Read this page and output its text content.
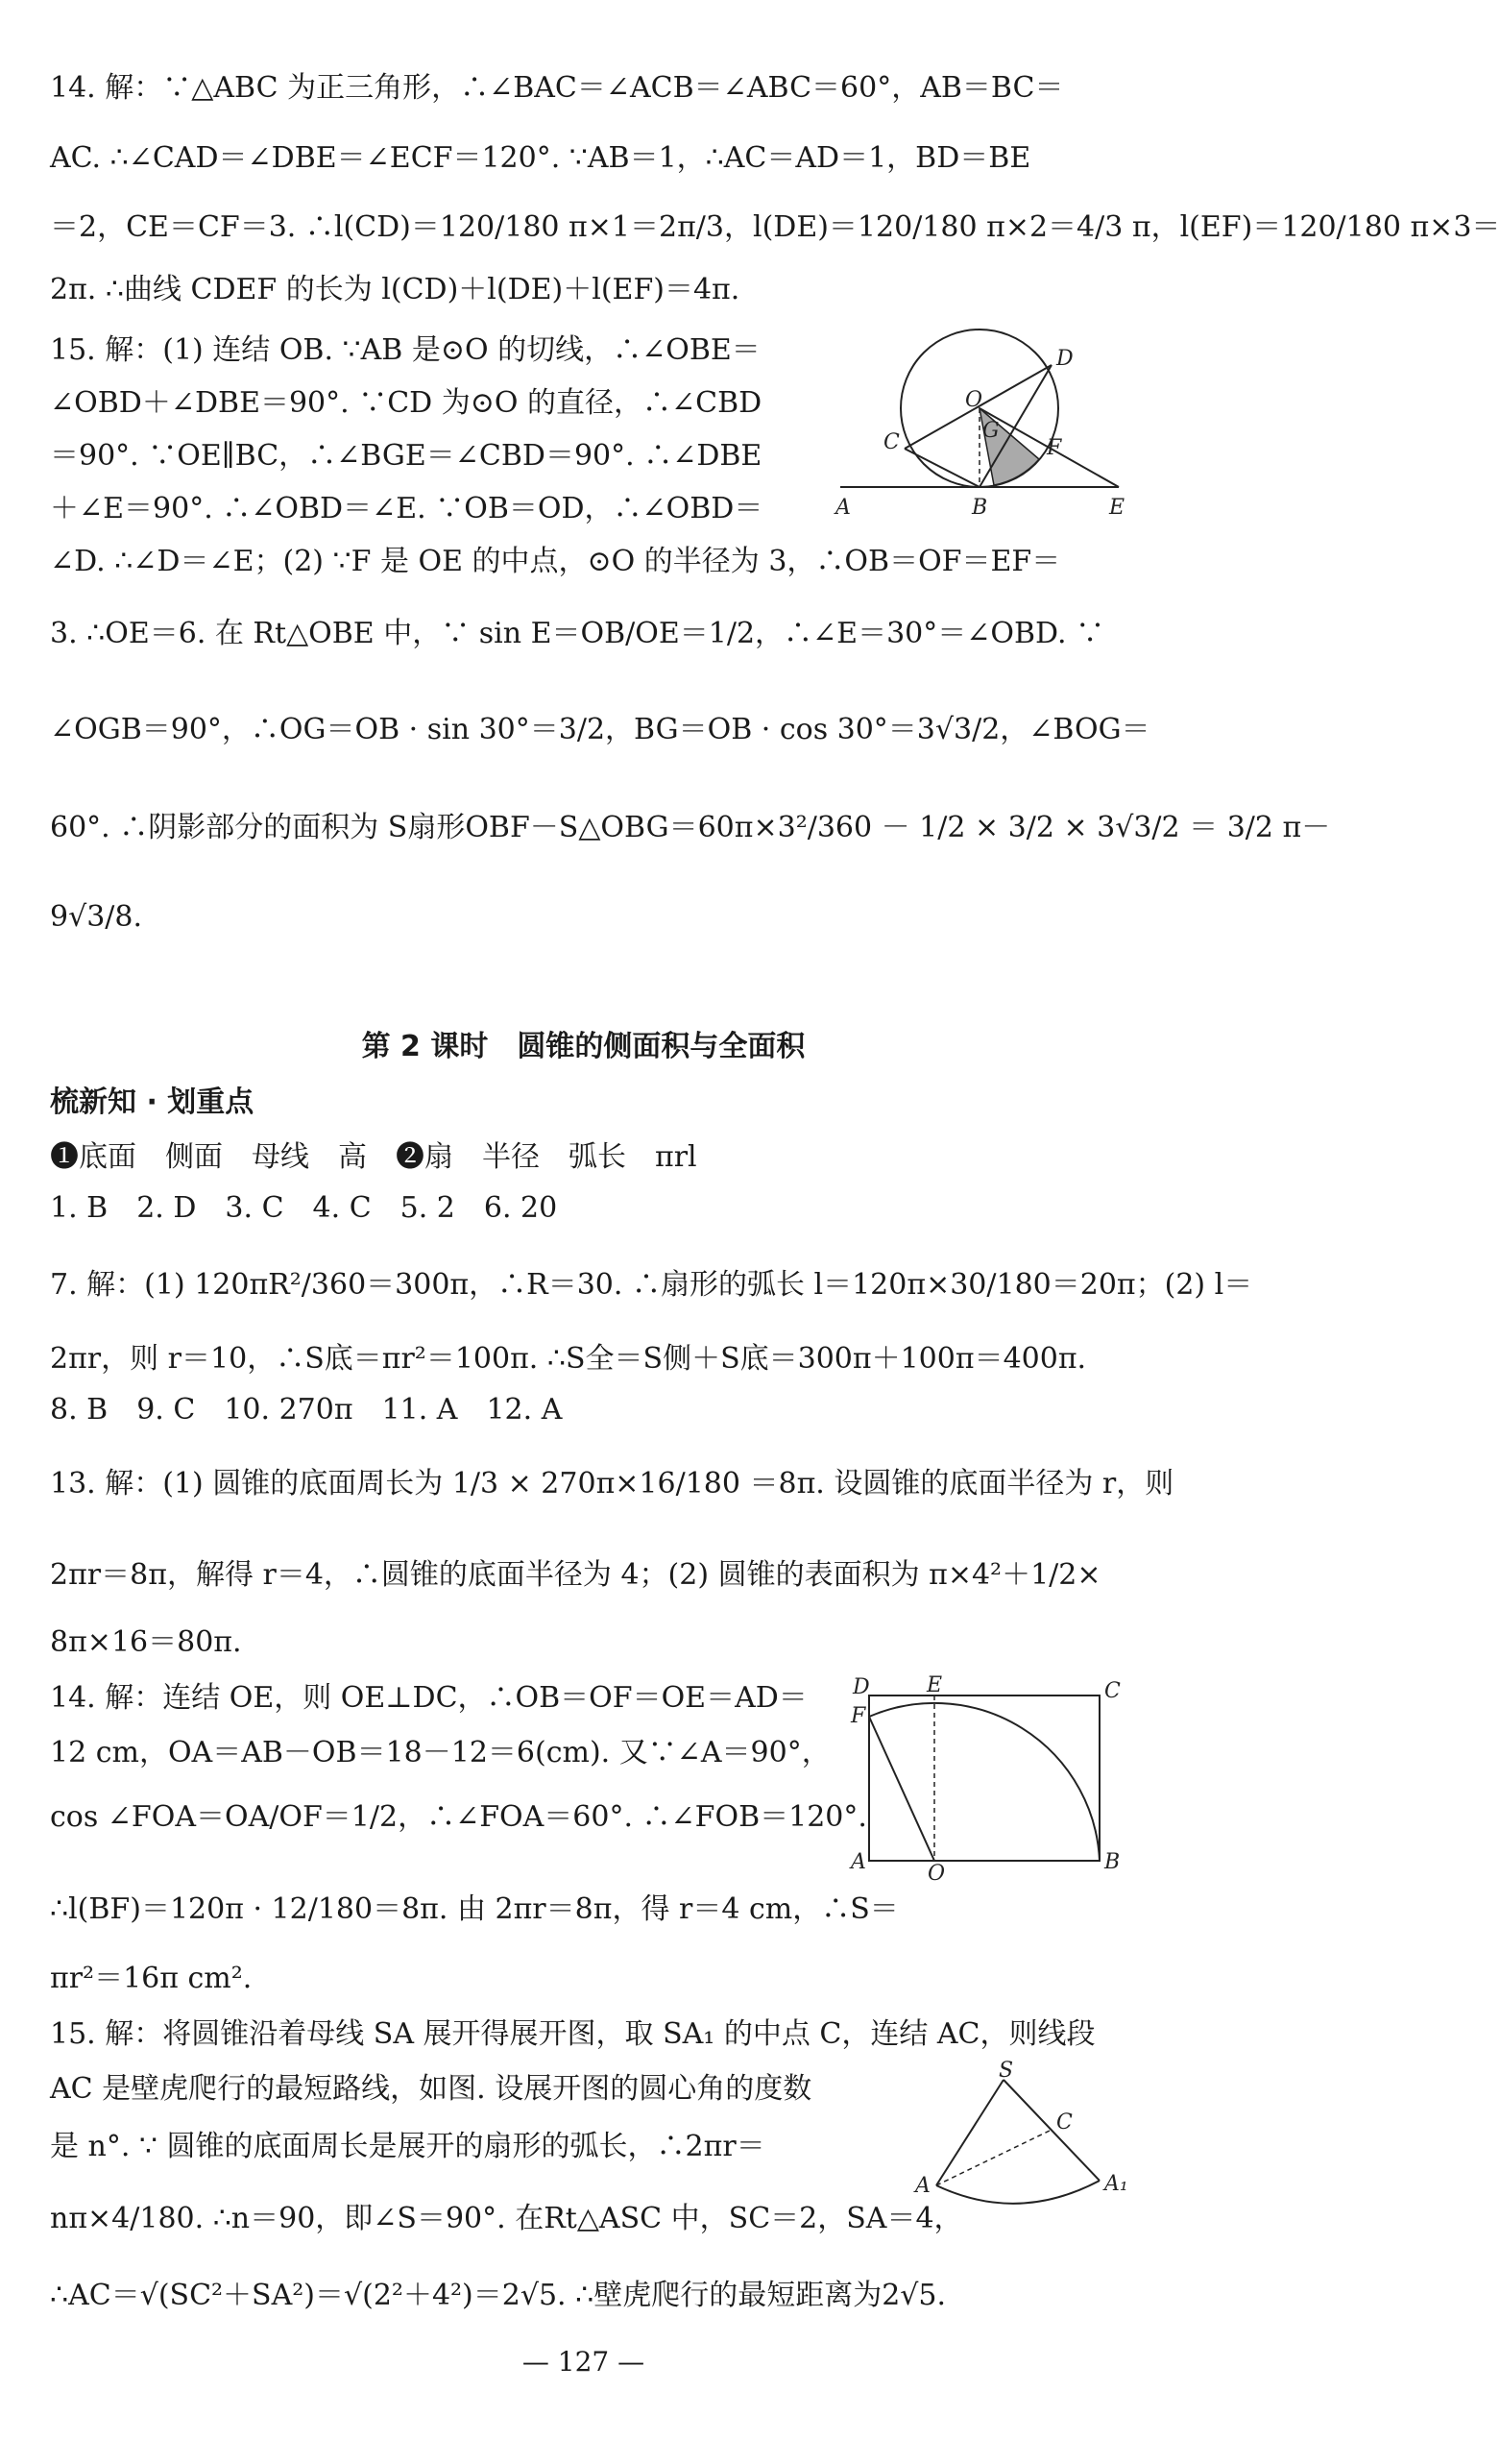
14. 解：∵△ABC 为正三角形，∴∠BAC＝∠ACB＝∠ABC＝60°，AB＝BC＝
AC. ∴∠CAD＝∠DBE＝∠ECF＝120°. ∵AB＝1，∴AC＝AD＝1，BD＝BE
＝2，CE＝CF＝3. ∴l(CD)＝120/180 π×1＝2π/3，l(DE)＝120/180 π×2＝4/3 π，l(EF)＝120/180 π×3＝
2π. ∴曲线 CDEF 的长为 l(CD)＋l(DE)＋l(EF)＝4π.
15. 解：(1) 连结 OB. ∵AB 是⊙O 的切线，∴∠OBE＝
∠OBD＋∠DBE＝90°. ∵CD 为⊙O 的直径，∴∠CBD
＝90°. ∵OE∥BC，∴∠BGE＝∠CBD＝90°. ∴∠DBE
＋∠E＝90°. ∴∠OBD＝∠E. ∵OB＝OD，∴∠OBD＝
∠D. ∴∠D＝∠E；(2) ∵F 是 OE 的中点，⊙O 的半径为 3，∴OB＝OF＝EF＝
3. ∴OE＝6. 在 Rt△OBE 中，∵ sin E＝OB/OE＝1/2，∴∠E＝30°＝∠OBD. ∵
∠OGB＝90°，∴OG＝OB · sin 30°＝3/2，BG＝OB · cos 30°＝3√3/2，∠BOG＝
60°. ∴阴影部分的面积为 S扇形OBF－S△OBG＝60π×3²/360 － 1/2 × 3/2 × 3√3/2 ＝ 3/2 π－
9√3/8.
第 2 课时　圆锥的侧面积与全面积
梳新知 · 划重点
❶底面　侧面　母线　高　❷扇　半径　弧长　πrl
1. B　2. D　3. C　4. C　5. 2　6. 20
7. 解：(1) 120πR²/360＝300π，∴R＝30. ∴扇形的弧长 l＝120π×30/180＝20π；(2) l＝
2πr，则 r＝10，∴S底＝πr²＝100π. ∴S全＝S侧＋S底＝300π＋100π＝400π.
8. B　9. C　10. 270π　11. A　12. A
13. 解：(1) 圆锥的底面周长为 1/3 × 270π×16/180 ＝8π. 设圆锥的底面半径为 r，则
2πr＝8π，解得 r＝4，∴圆锥的底面半径为 4；(2) 圆锥的表面积为 π×4²＋1/2×
8π×16＝80π.
14. 解：连结 OE，则 OE⊥DC，∴OB＝OF＝OE＝AD＝
12 cm，OA＝AB－OB＝18－12＝6(cm). 又∵∠A＝90°，
cos ∠FOA＝OA/OF＝1/2，∴∠FOA＝60°. ∴∠FOB＝120°.
∴l(BF)＝120π · 12/180＝8π. 由 2πr＝8π，得 r＝4 cm，∴S＝
πr²＝16π cm².
15. 解：将圆锥沿着母线 SA 展开得展开图，取 SA₁ 的中点 C，连结 AC，则线段
AC 是壁虎爬行的最短路线，如图. 设展开图的圆心角的度数
是 n°. ∵ 圆锥的底面周长是展开的扇形的弧长，∴2πr＝
nπ×4/180. ∴n＝90，即∠S＝90°. 在Rt△ASC 中，SC＝2，SA＝4，
∴AC＝√(SC²＋SA²)＝√(2²＋4²)＝2√5. ∴壁虎爬行的最短距离为2√5.
— 127 —
O
D
C	G
F
A	B	E
D	E	C
F
A	O	B
S
C
A	A₁
